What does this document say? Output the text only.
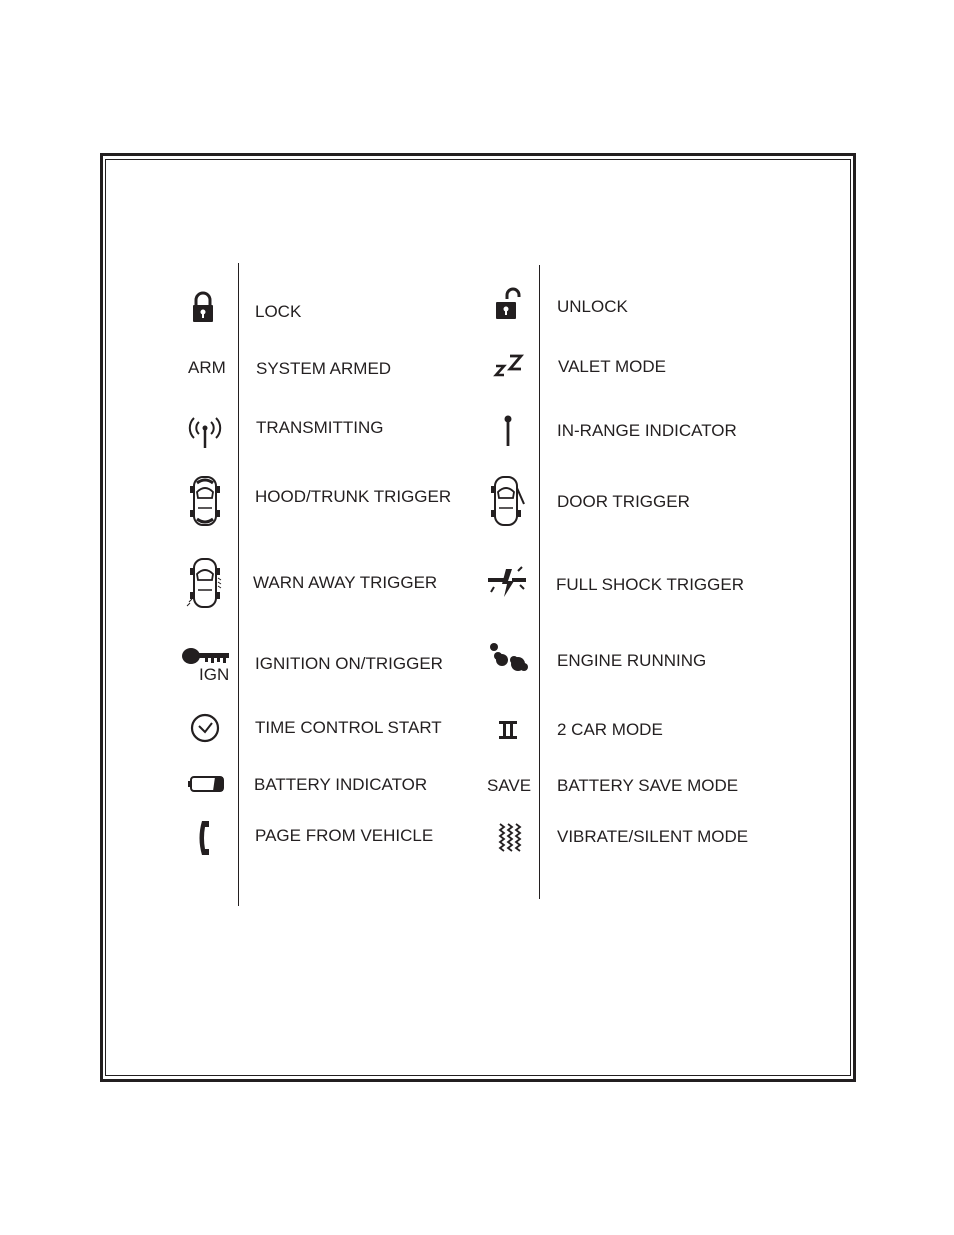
LOCK
ARM SYSTEM ARMED
TRANSMITTING
HOOD/TRUNK TRIGGER
WARN AWAY TRIGGER
IGN
IGNITION ON/TRIGGER
TIME CONTROL START
BATTERY INDICATOR
PAGE FROM VEHICLE
UNLOCK
VALET MODE
IN-RANGE INDICATOR
DOOR TRIGGER
FULL SHOCK TRIGGER
ENGINE RUNNING
2 CAR MODE
SAVE BATTERY SAVE MODE
VIBRATE/SILENT MODE
